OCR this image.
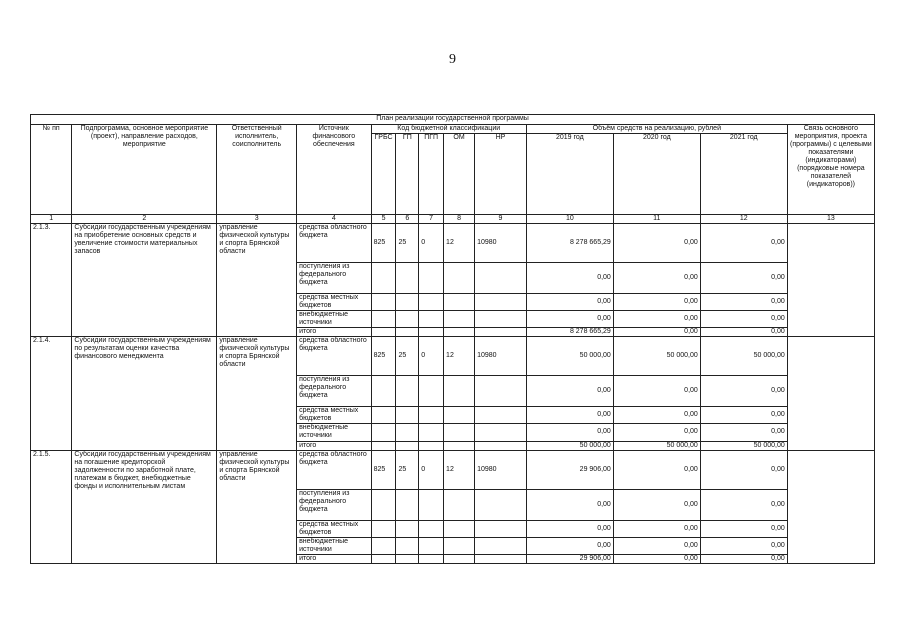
9
План реализации государственной программы												
№ пп	Подпрограмма, основное мероприятие (проект), направление расходов, мероприятие	Ответственный исполнитель, соисполнитель	Источник финансового обеспечения	Код бюджетной классификации					Объём средств на реализацию, рублей			Связь основного мероприятия, проекта (программы) с целевыми показателями (индикаторами) (порядковые номера показателей (индикаторов))
				ГРБС	ГП	ПГП	ОМ	НР	2019 год	2020 год	2021 год	
1	2	3	4	5	6	7	8	9	10	11	12	13
2.1.3.	Субсидии государственным учреждениям на приобретение основных средств и увеличение стоимости материальных запасов	управление физической культуры и спорта Брянской области	средства областного бюджета	825	25	0	12	10980	8 278 665,29	0,00	0,00	
			поступления из федерального бюджета						0,00	0,00	0,00	
			средства местных бюджетов						0,00	0,00	0,00	
			внебюджетные источники						0,00	0,00	0,00	
			итого						8 278 665,29	0,00	0,00	
2.1.4.	Субсидии государственным учреждениям по результатам оценки качества финансового менеджмента	управление физической культуры и спорта Брянской области	средства областного бюджета	825	25	0	12	10980	50 000,00	50 000,00	50 000,00	
			поступления из федерального бюджета						0,00	0,00	0,00	
			средства местных бюджетов						0,00	0,00	0,00	
			внебюджетные источники						0,00	0,00	0,00	
			итого						50 000,00	50 000,00	50 000,00	
2.1.5.	Субсидии государственным учреждениям на погашение кредиторской задолженности по заработной плате, платежам в бюджет, внебюджетные фонды и исполнительным листам	управление физической культуры и спорта Брянской области	средства областного бюджета	825	25	0	12	10980	29 906,00	0,00	0,00	
			поступления из федерального бюджета						0,00	0,00	0,00	
			средства местных бюджетов						0,00	0,00	0,00	
			внебюджетные источники						0,00	0,00	0,00	
			итого						29 906,00	0,00	0,00	
